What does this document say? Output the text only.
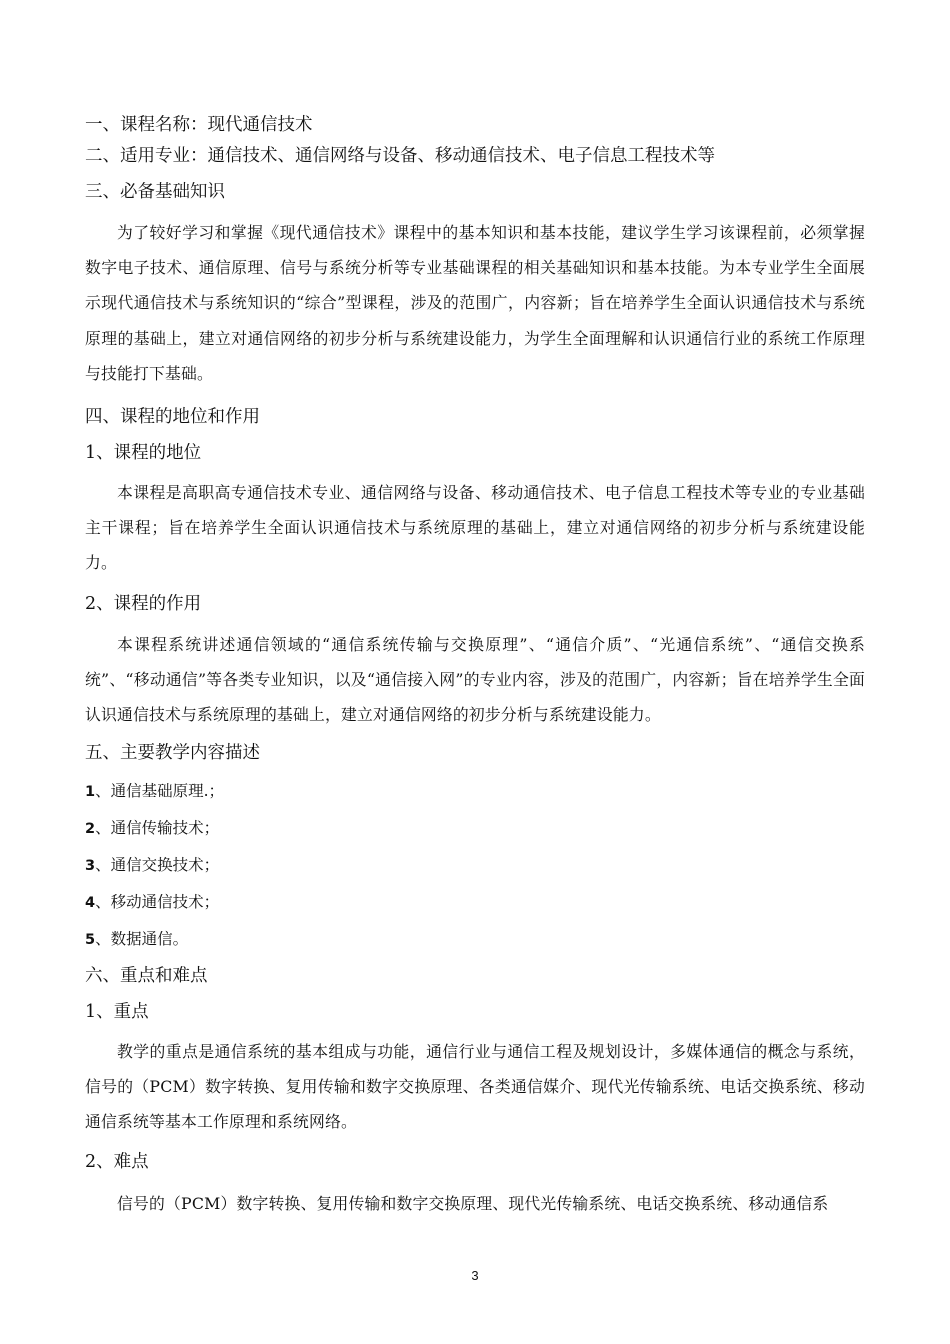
一、课程名称：现代通信技术
二、适用专业：通信技术、通信网络与设备、移动通信技术、电子信息工程技术等
三、必备基础知识
为了较好学习和掌握《现代通信技术》课程中的基本知识和基本技能，建议学生学习该课程前，必须掌握数字电子技术、通信原理、信号与系统分析等专业基础课程的相关基础知识和基本技能。为本专业学生全面展示现代通信技术与系统知识的“综合”型课程，涉及的范围广，内容新；旨在培养学生全面认识通信技术与系统原理的基础上，建立对通信网络的初步分析与系统建设能力，为学生全面理解和认识通信行业的系统工作原理与技能打下基础。
四、课程的地位和作用
1、课程的地位
本课程是高职高专通信技术专业、通信网络与设备、移动通信技术、电子信息工程技术等专业的专业基础主干课程；旨在培养学生全面认识通信技术与系统原理的基础上，建立对通信网络的初步分析与系统建设能力。
2、课程的作用
本课程系统讲述通信领域的“通信系统传输与交换原理”、“通信介质”、“光通信系统”、“通信交换系统”、“移动通信”等各类专业知识，以及“通信接入网”的专业内容，涉及的范围广，内容新；旨在培养学生全面认识通信技术与系统原理的基础上，建立对通信网络的初步分析与系统建设能力。
五、主要教学内容描述
1、通信基础原理.；
2、通信传输技术；
3、通信交换技术；
4、移动通信技术；
5、数据通信。
六、重点和难点
1、重点
教学的重点是通信系统的基本组成与功能，通信行业与通信工程及规划设计，多媒体通信的概念与系统，信号的（PCM）数字转换、复用传输和数字交换原理、各类通信媒介、现代光传输系统、电话交换系统、移动通信系统等基本工作原理和系统网络。
2、难点
信号的（PCM）数字转换、复用传输和数字交换原理、现代光传输系统、电话交换系统、移动通信系
3
